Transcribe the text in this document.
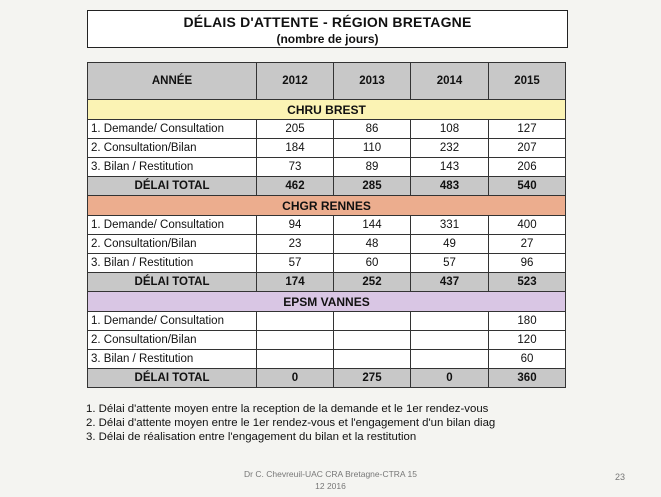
DÉLAIS D'ATTENTE - RÉGION BRETAGNE
(nombre de jours)
ANNÉE	2012	2013	2014	2015
CHRU BREST				
1. Demande/ Consultation	205	86	108	127
2. Consultation/Bilan	184	110	232	207
3. Bilan / Restitution	73	89	143	206
DÉLAI TOTAL	462	285	483	540
CHGR RENNES				
1. Demande/ Consultation	94	144	331	400
2. Consultation/Bilan	23	48	49	27
3. Bilan / Restitution	57	60	57	96
DÉLAI TOTAL	174	252	437	523
EPSM VANNES				
1. Demande/ Consultation				180
2. Consultation/Bilan				120
3. Bilan / Restitution				60
DÉLAI TOTAL	0	275	0	360
1. Délai d'attente moyen entre la reception de la demande et le 1er rendez-vous
2. Délai d'attente moyen entre le 1er rendez-vous et l'engagement d'un bilan diag
3. Délai de réalisation entre l'engagement du bilan et la restitution
Dr C. Chevreuil-UAC CRA Bretagne-CTRA 15
12 2016
23
